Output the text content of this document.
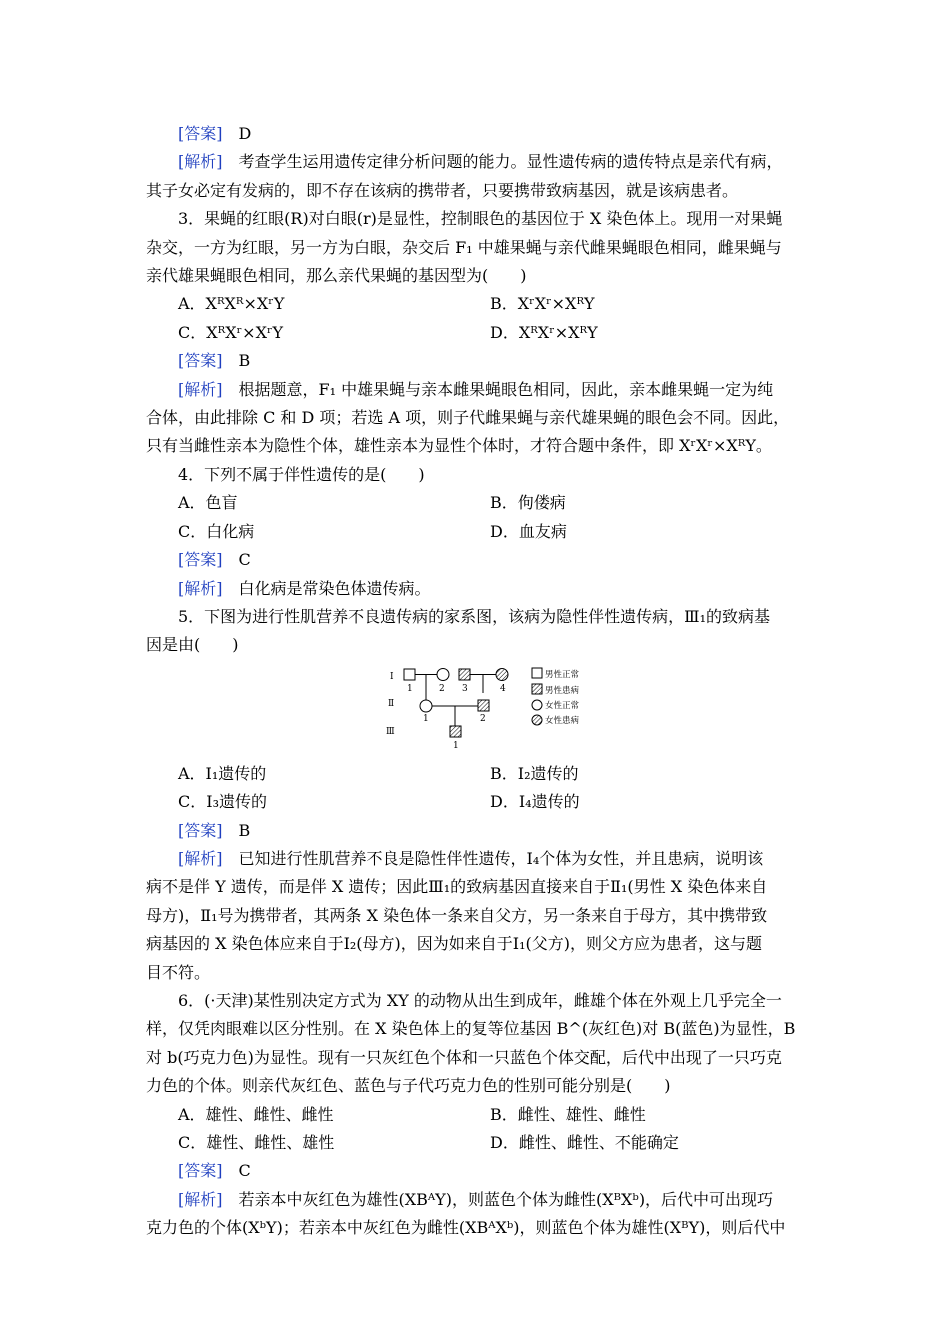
[答案]　 D

[解析]　 考查学生运用遗传定律分析问题的能力。显性遗传病的遗传特点是亲代有病，

其子女必定有发病的，即不存在该病的携带者，只要携带致病基因，就是该病患者。

3．果蝇的红眼(R)对白眼(r)是显性，控制眼色的基因位于 X 染色体上。现用一对果蝇

杂交，一方为红眼，另一方为白眼，杂交后 F₁ 中雄果蝇与亲代雌果蝇眼色相同，雌果蝇与

亲代雄果蝇眼色相同，那么亲代果蝇的基因型为(　　)

A．XᴿXᴿ×XʳY	B．XʳXʳ×XᴿY
C．XᴿXʳ×XʳY	D．XᴿXʳ×XᴿY

[答案]　 B

[解析]　 根据题意，F₁ 中雄果蝇与亲本雌果蝇眼色相同，因此，亲本雌果蝇一定为纯

合体，由此排除 C 和 D 项；若选 A 项，则子代雌果蝇与亲代雄果蝇的眼色会不同。因此，

只有当雌性亲本为隐性个体，雄性亲本为显性个体时，才符合题中条件，即 XʳXʳ×XᴿY。

4．下列不属于伴性遗传的是(　　)

A．色盲	B．佝偻病
C．白化病	D．血友病

[答案]　 C

[解析]　 白化病是常染色体遗传病。

5．下图为进行性肌营养不良遗传病的家系图，该病为隐性伴性遗传病，Ⅲ₁的致病基

因是由(　　)

Ⅰ
Ⅱ
Ⅲ
1	2 3	4
1	2
1
男性正常
男性患病
女性正常
女性患病
A．Ⅰ₁遗传的	B．Ⅰ₂遗传的
C．Ⅰ₃遗传的	D．Ⅰ₄遗传的

[答案]　 B

[解析]　 已知进行性肌营养不良是隐性伴性遗传，Ⅰ₄个体为女性，并且患病，说明该

病不是伴 Y 遗传，而是伴 X 遗传；因此Ⅲ₁的致病基因直接来自于Ⅱ₁(男性 X 染色体来自

母方)，Ⅱ₁号为携带者，其两条 X 染色体一条来自父方，另一条来自于母方，其中携带致

病基因的 X 染色体应来自于Ⅰ₂(母方)，因为如来自于Ⅰ₁(父方)，则父方应为患者，这与题

目不符。

6．(·天津)某性别决定方式为 XY 的动物从出生到成年，雌雄个体在外观上几乎完全一

样，仅凭肉眼难以区分性别。在 X 染色体上的复等位基因 B^(灰红色)对 B(蓝色)为显性，B

对 b(巧克力色)为显性。现有一只灰红色个体和一只蓝色个体交配，后代中出现了一只巧克

力色的个体。则亲代灰红色、蓝色与子代巧克力色的性别可能分别是(　　)

A．雄性、雌性、雌性	B．雌性、雄性、雌性
C．雄性、雌性、雄性	D．雌性、雌性、不能确定

[答案]　 C

[解析]　 若亲本中灰红色为雄性(XBᴬY)，则蓝色个体为雌性(XᴮXᵇ)，后代中可出现巧

克力色的个体(XᵇY)；若亲本中灰红色为雌性(XBᴬXᵇ)，则蓝色个体为雄性(XᴮY)，则后代中
